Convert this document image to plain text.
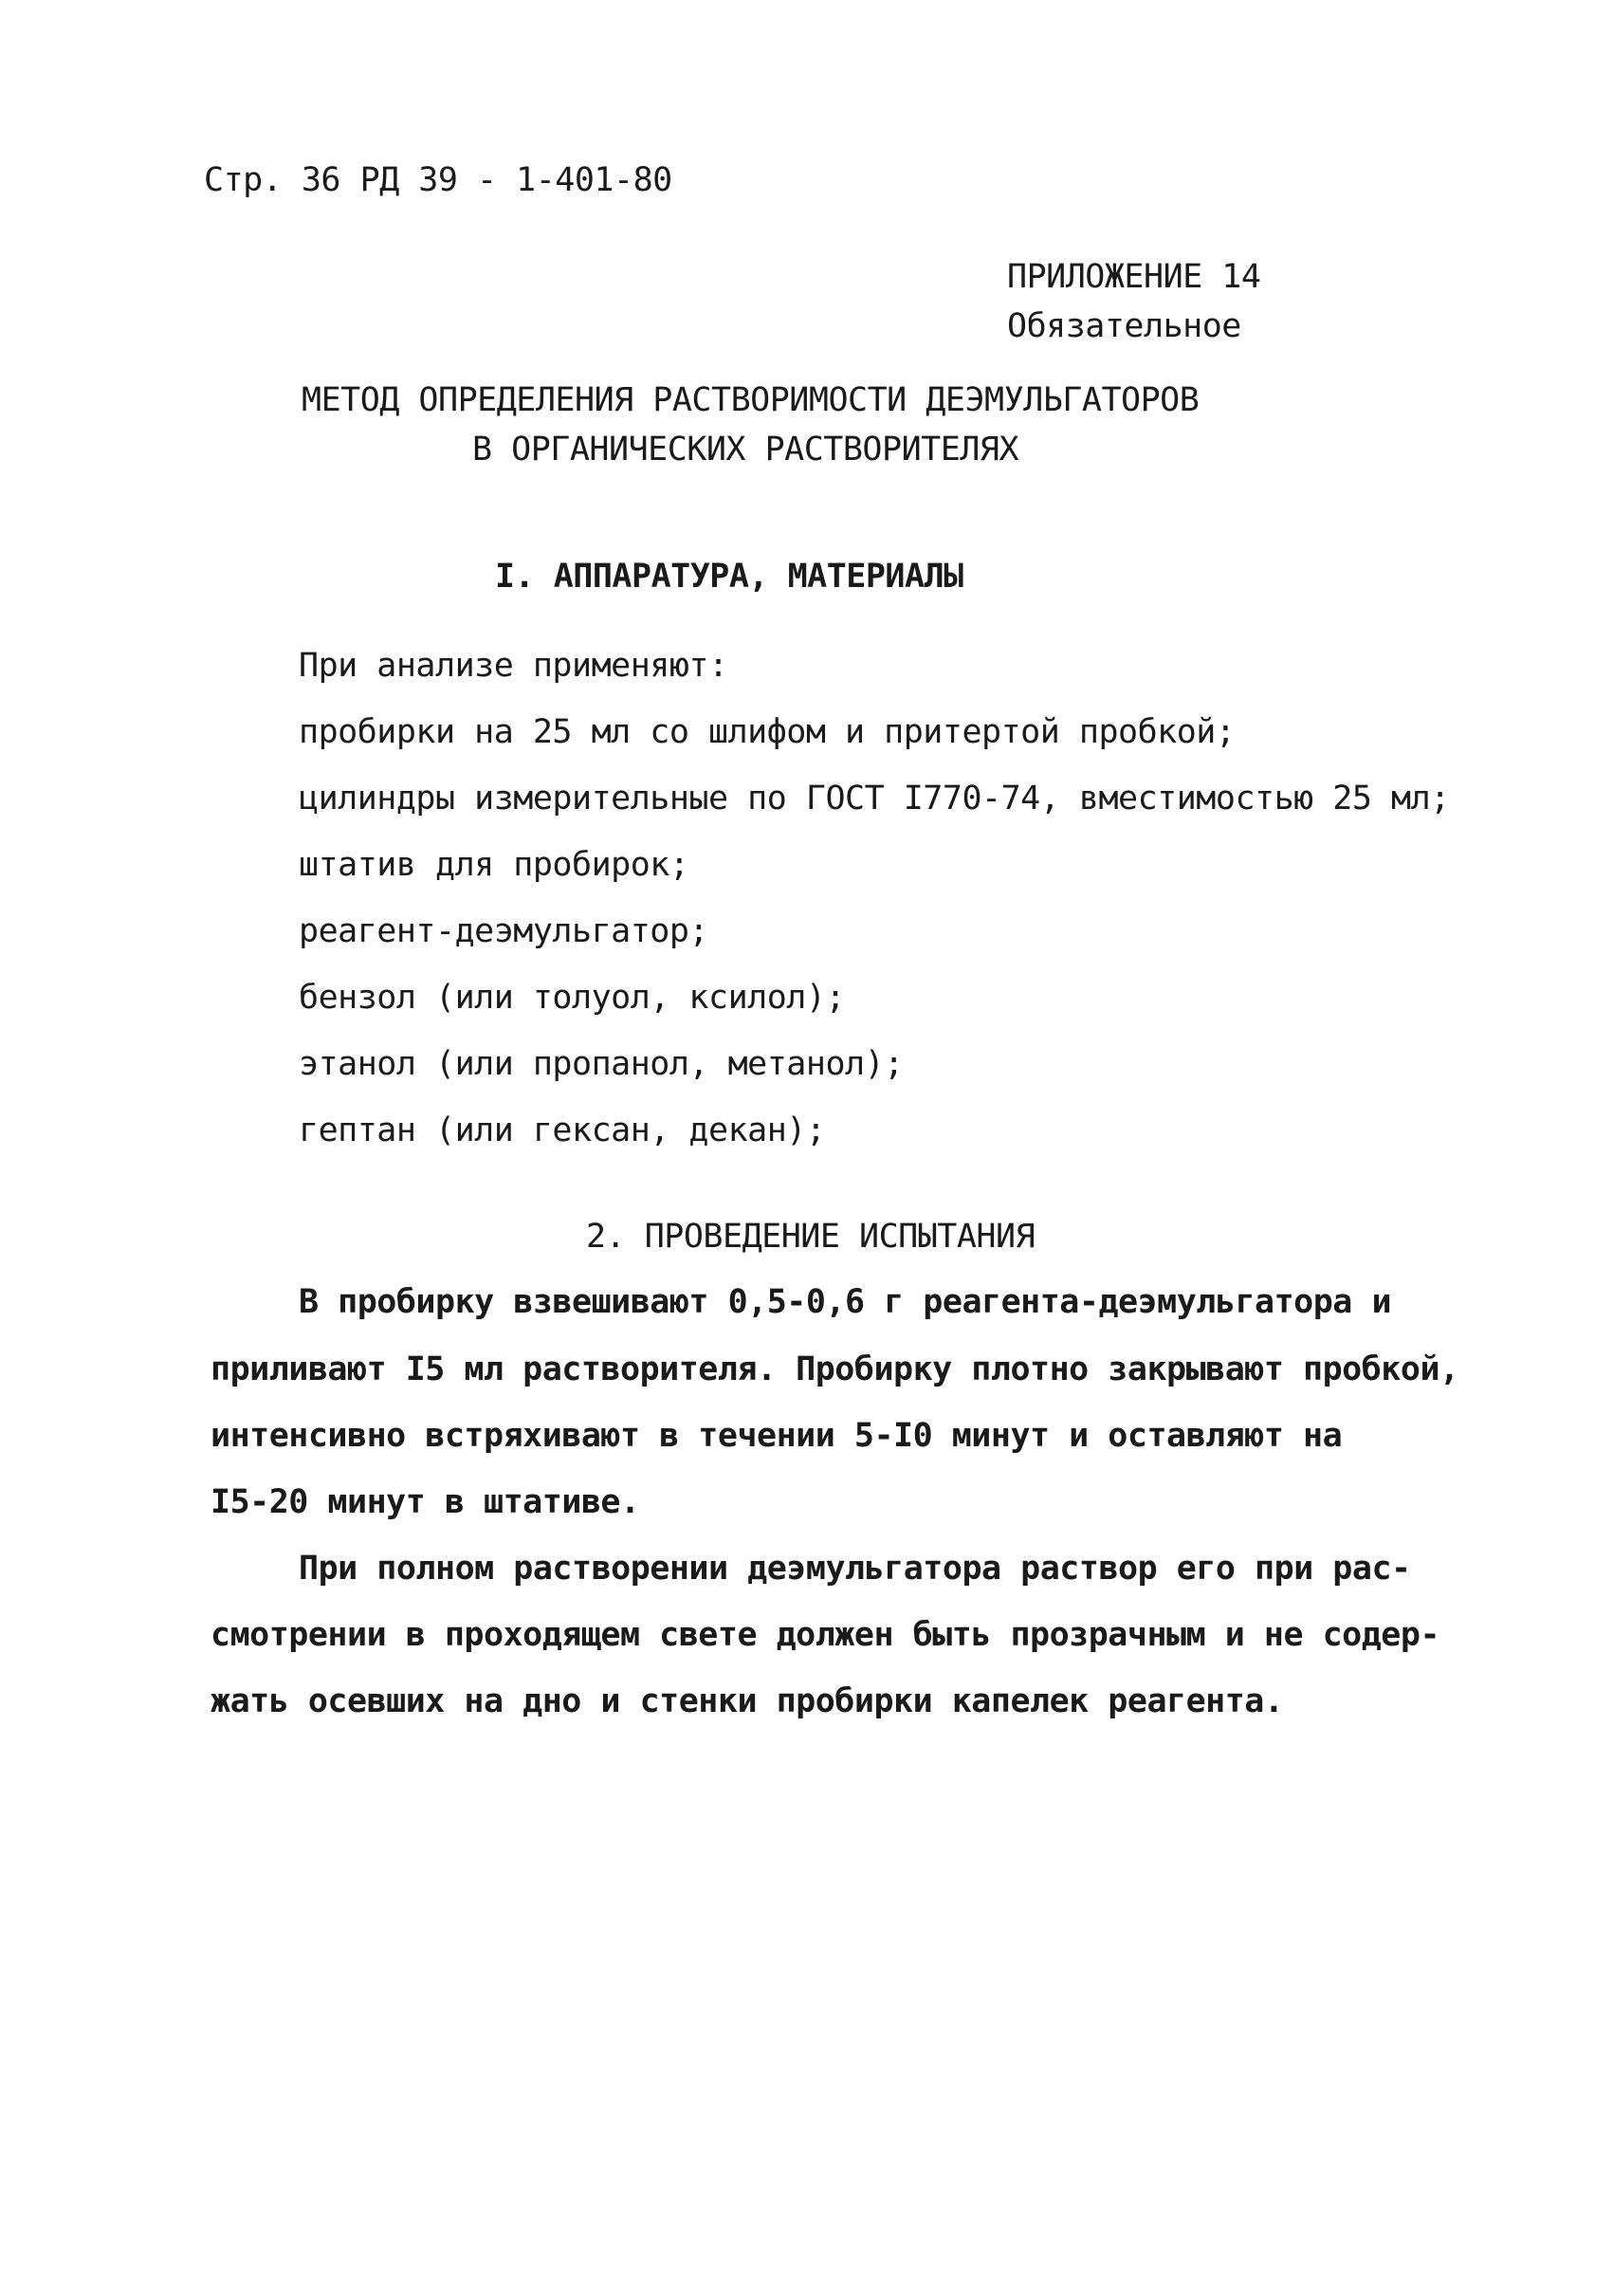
Стр. 36 РД 39 - 1-401-80
ПРИЛОЖЕНИЕ 14
Обязательное
МЕТОД ОПРЕДЕЛЕНИЯ РАСТВОРИМОСТИ ДЕЭМУЛЬГАТОРОВ
В ОРГАНИЧЕСКИХ РАСТВОРИТЕЛЯХ
I. АППАРАТУРА, МАТЕРИАЛЫ
При анализе применяют:
пробирки на 25 мл со шлифом и притертой пробкой;
цилиндры измерительные по ГОСТ I770-74, вместимостью 25 мл;
штатив для пробирок;
реагент-деэмульгатор;
бензол (или толуол, ксилол);
этанол (или пропанол, метанол);
гептан (или гексан, декан);
2. ПРОВЕДЕНИЕ ИСПЫТАНИЯ
В пробирку взвешивают 0,5-0,6 г реагента-деэмульгатора и
приливают I5 мл растворителя. Пробирку плотно закрывают пробкой,
интенсивно встряхивают в течении 5-I0 минут и оставляют на
I5-20 минут в штативе.
При полном растворении деэмульгатора раствор его при рас-
смотрении в проходящем свете должен быть прозрачным и не содер-
жать осевших на дно и стенки пробирки капелек реагента.
